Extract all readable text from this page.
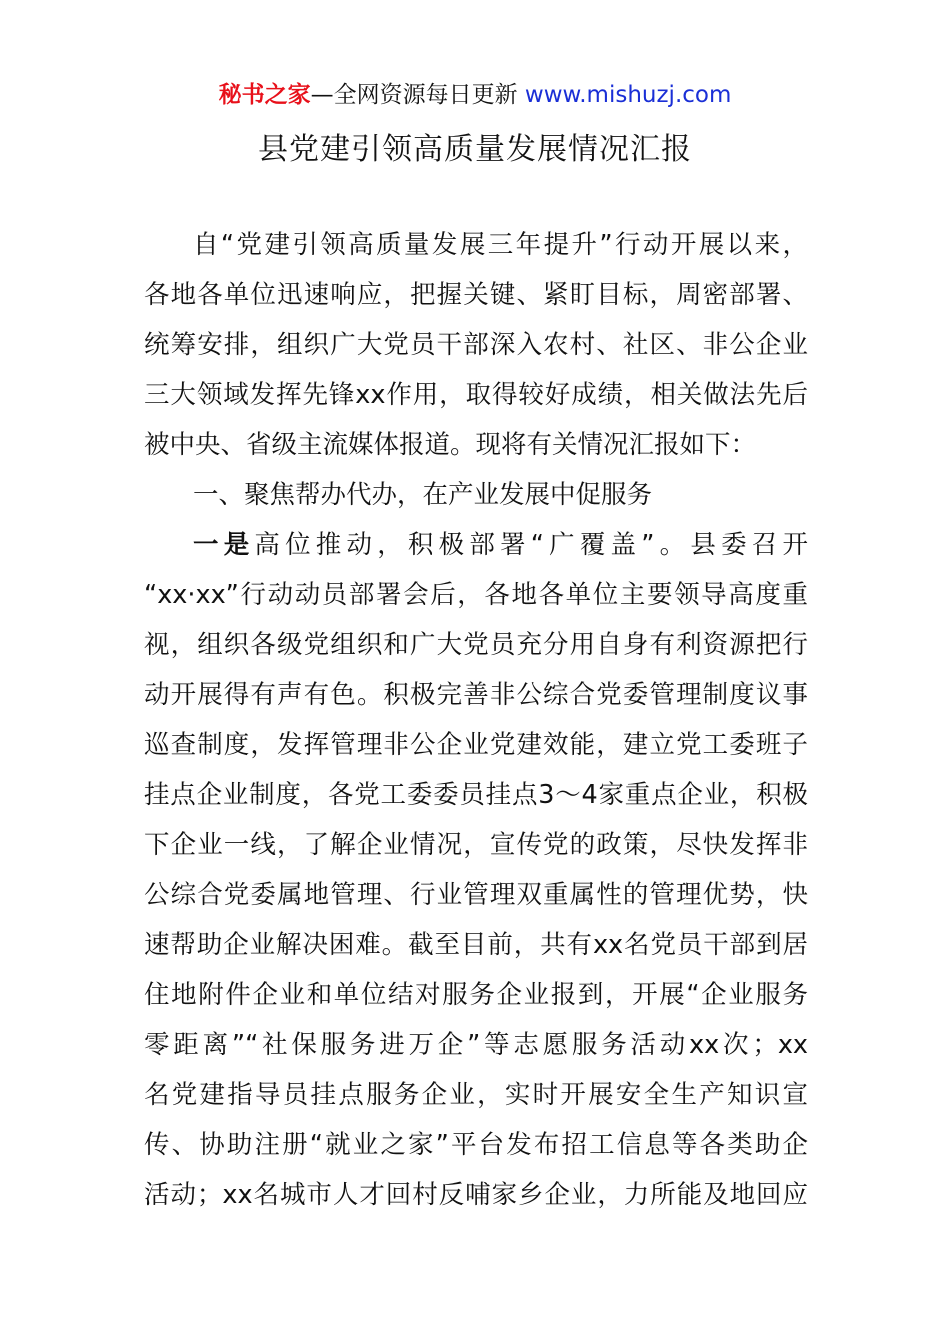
秘书之家—全网资源每日更新 www.mishuzj.com
县党建引领高质量发展情况汇报
自“党建引领高质量发展三年提升”行动开展以来，
各地各单位迅速响应，把握关键、紧盯目标，周密部署、
统筹安排，组织广大党员干部深入农村、社区、非公企业
三大领域发挥先锋xx作用，取得较好成绩，相关做法先后
被中央、省级主流媒体报道。现将有关情况汇报如下：
一、聚焦帮办代办，在产业发展中促服务
一是高位推动，积极部署“广覆盖”。县委召开
“xx·xx”行动动员部署会后，各地各单位主要领导高度重
视，组织各级党组织和广大党员充分用自身有利资源把行
动开展得有声有色。积极完善非公综合党委管理制度议事
巡查制度，发挥管理非公企业党建效能，建立党工委班子
挂点企业制度，各党工委委员挂点3～4家重点企业，积极
下企业一线，了解企业情况，宣传党的政策，尽快发挥非
公综合党委属地管理、行业管理双重属性的管理优势，快
速帮助企业解决困难。截至目前，共有xx名党员干部到居
住地附件企业和单位结对服务企业报到，开展“企业服务
零距离”“社保服务进万企”等志愿服务活动xx次；xx
名党建指导员挂点服务企业，实时开展安全生产知识宣
传、协助注册“就业之家”平台发布招工信息等各类助企
活动；xx名城市人才回村反哺家乡企业，力所能及地回应
